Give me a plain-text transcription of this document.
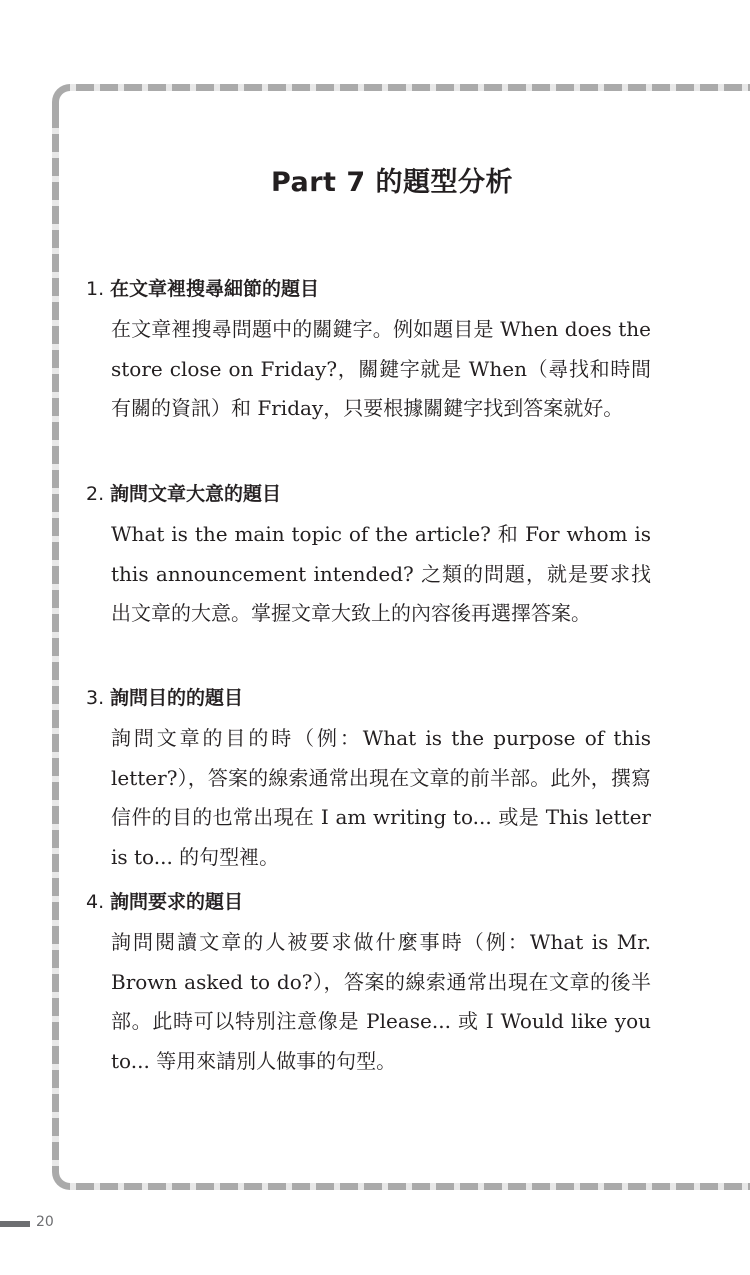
Part 7 的題型分析
1. 在文章裡搜尋細節的題目
在文章裡搜尋問題中的關鍵字。例如題目是 When does the store close on Friday?，關鍵字就是 When（尋找和時間有關的資訊）和 Friday，只要根據關鍵字找到答案就好。
2. 詢問文章大意的題目
What is the main topic of the article? 和 For whom is this announcement intended? 之類的問題，就是要求找出文章的大意。掌握文章大致上的內容後再選擇答案。
3. 詢問目的的題目
詢問文章的目的時（例：What is the purpose of this letter?），答案的線索通常出現在文章的前半部。此外，撰寫信件的目的也常出現在 I am writing to... 或是 This letter is to... 的句型裡。
4. 詢問要求的題目
詢問閱讀文章的人被要求做什麼事時（例：What is Mr. Brown asked to do?），答案的線索通常出現在文章的後半部。此時可以特別注意像是 Please... 或 I Would like you to... 等用來請別人做事的句型。
20
